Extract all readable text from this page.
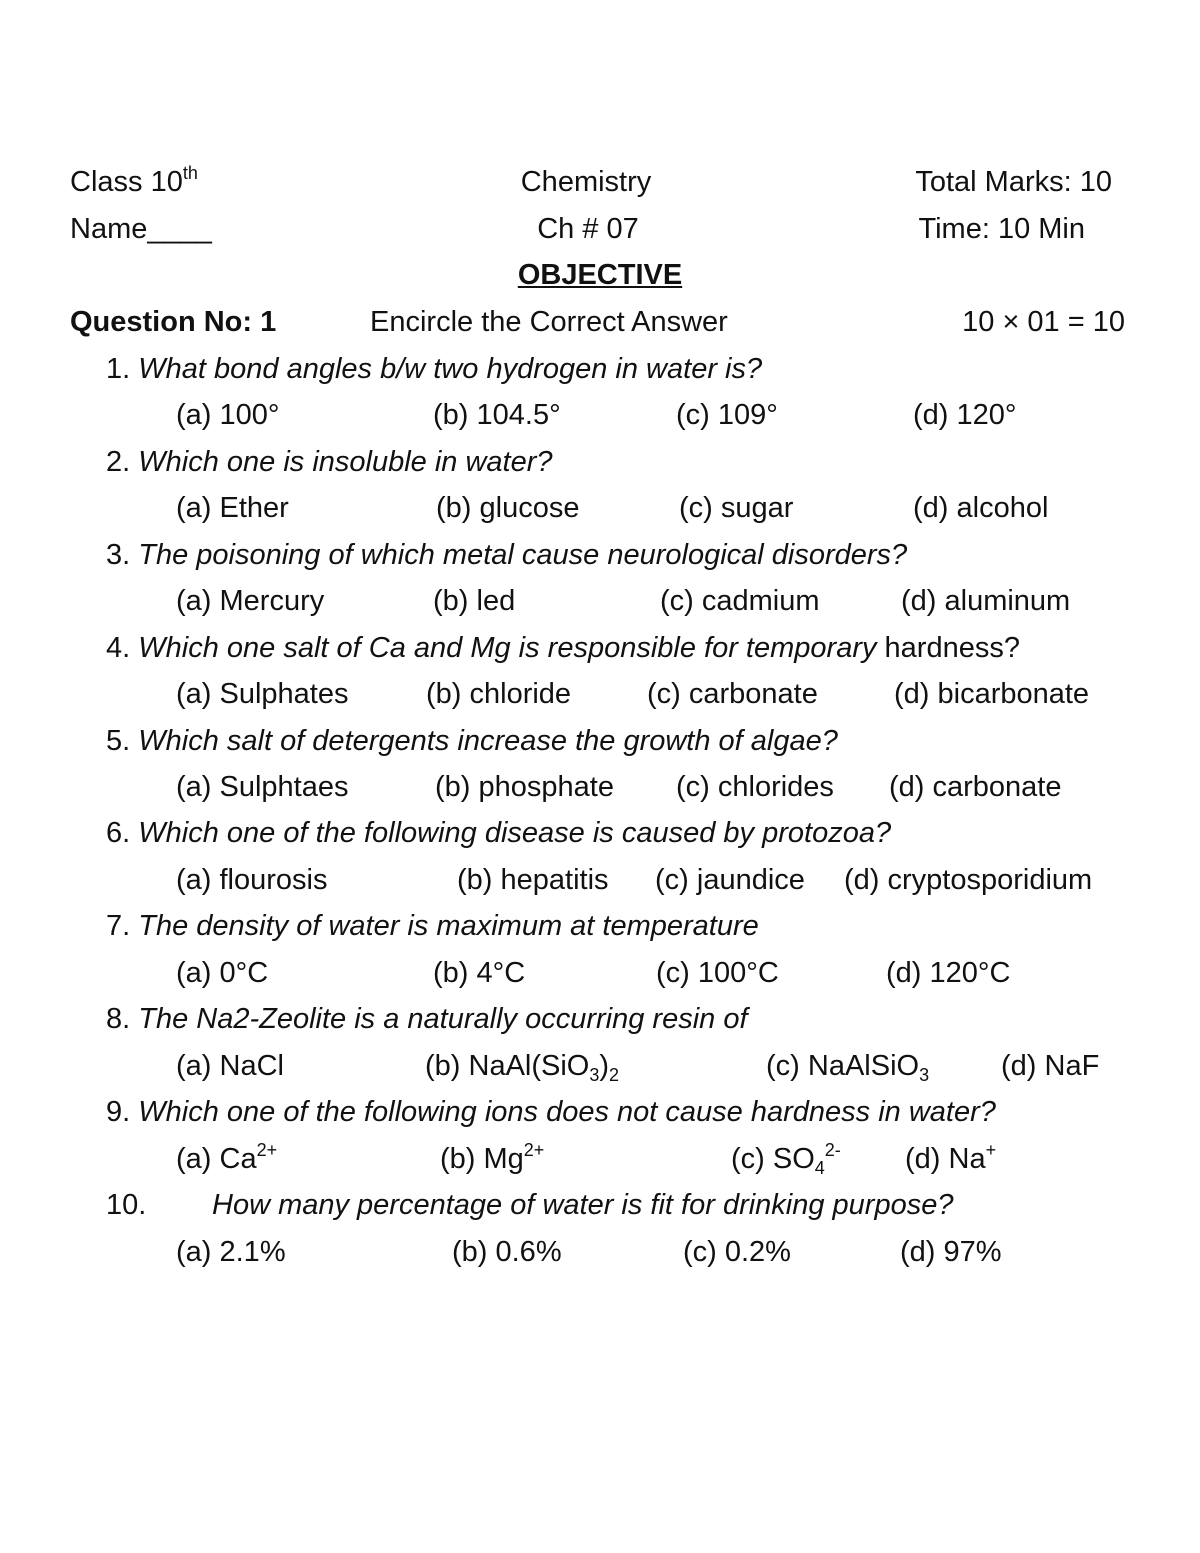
Class 10th	Chemistry	Total Marks: 10
Name____	Ch # 07	Time: 10 Min
OBJECTIVE
Question No: 1	Encircle the Correct Answer	10 × 01 = 10
1. What bond angles b/w two hydrogen in water is?
(a) 100°	(b) 104.5°	(c) 109°	(d) 120°
2. Which one is insoluble in water?
(a) Ether	(b) glucose	(c) sugar	(d) alcohol
3. The poisoning of which metal cause neurological disorders?
(a) Mercury	(b) led	(c) cadmium	(d) aluminum
4. Which one salt of Ca and Mg is responsible for temporary hardness?
(a) Sulphates	(b) chloride	(c) carbonate	(d) bicarbonate
5. Which salt of detergents increase the growth of algae?
(a) Sulphtaes	(b) phosphate (c) chlorides (d) carbonate
6. Which one of the following disease is caused by protozoa?
(a) flourosis	(b) hepatitis (c) jaundice (d) cryptosporidium
7. The density of water is maximum at temperature
(a) 0°C	(b) 4°C	(c) 100°C	(d) 120°C
8. The Na2-Zeolite is a naturally occurring resin of
(a) NaCl	(b) $NaAl(SiO_3)_2$	(c) NaAlSiO$_3$ (d) NaF
9. Which one of the following ions does not cause hardness in water?
(a) $Ca^{2+}$	(b) $Mg^{2+}$	(c) $SO_4^{2-}$ (d) Na+
10. How many percentage of water is fit for drinking purpose?
(a) 2.1%	(b) 0.6%	(c) 0.2%	(d) 97%
